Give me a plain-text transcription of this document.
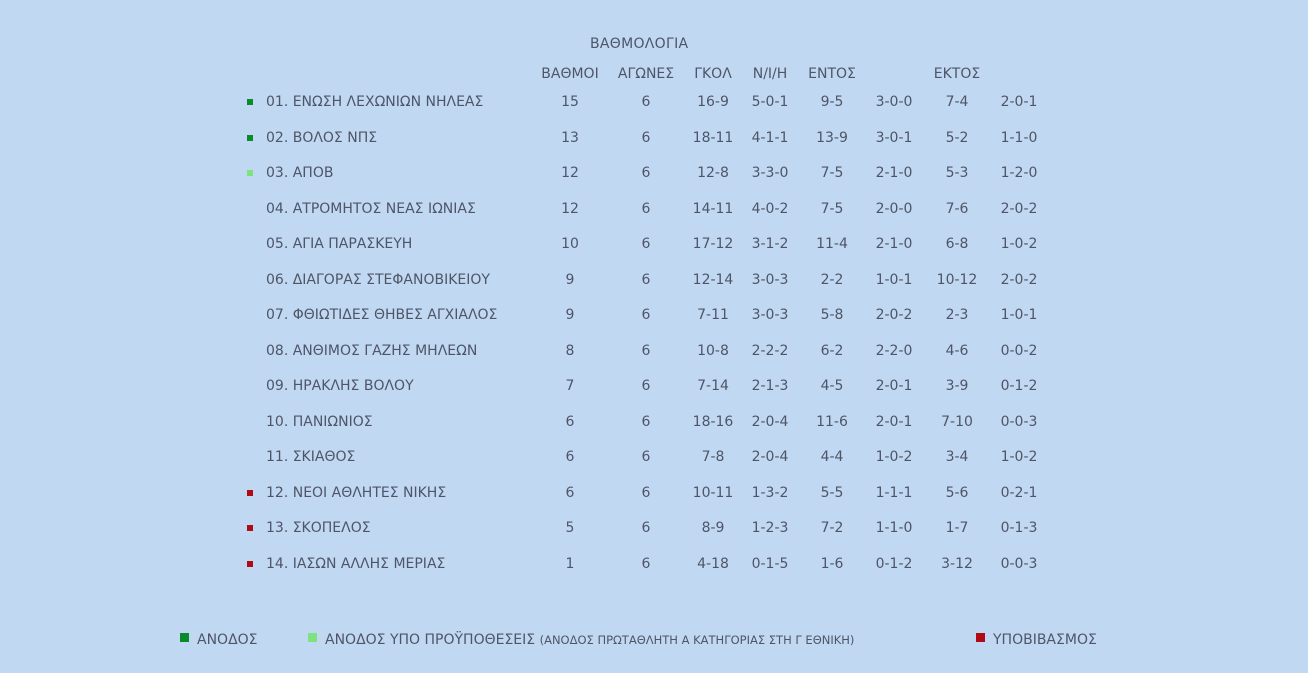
ΒΑΘΜΟΛΟΓΙΑ
ΒΑΘΜΟΙ	ΑΓΩΝΕΣ	ΓΚΟΛ	Ν/Ι/Η	ΕΝΤΟΣ	ΕΚΤΟΣ
01. ΕΝΩΣΗ ΛΕΧΩΝΙΩΝ ΝΗΛΕΑΣ	15	6	16-9	5-0-1	9-5	3-0-0	7-4	2-0-1
02. ΒΟΛΟΣ ΝΠΣ	13	6	18-11	4-1-1	13-9	3-0-1	5-2	1-1-0
03. ΑΠΟΒ	12	6	12-8	3-3-0	7-5	2-1-0	5-3	1-2-0
04. ΑΤΡΟΜΗΤΟΣ ΝΕΑΣ ΙΩΝΙΑΣ	12	6	14-11	4-0-2	7-5	2-0-0	7-6	2-0-2
05. ΑΓΙΑ ΠΑΡΑΣΚΕΥΗ	10	6	17-12	3-1-2	11-4	2-1-0	6-8	1-0-2
06. ΔΙΑΓΟΡΑΣ ΣΤΕΦΑΝΟΒΙΚΕΙΟΥ	9	6	12-14	3-0-3	2-2	1-0-1	10-12	2-0-2
07. ΦΘΙΩΤΙΔΕΣ ΘΗΒΕΣ ΑΓΧΙΑΛΟΣ	9	6	7-11	3-0-3	5-8	2-0-2	2-3	1-0-1
08. ΑΝΘΙΜΟΣ ΓΑΖΗΣ ΜΗΛΕΩΝ	8	6	10-8	2-2-2	6-2	2-2-0	4-6	0-0-2
09. ΗΡΑΚΛΗΣ ΒΟΛΟΥ	7	6	7-14	2-1-3	4-5	2-0-1	3-9	0-1-2
10. ΠΑΝΙΩΝΙΟΣ	6	6	18-16	2-0-4	11-6	2-0-1	7-10	0-0-3
11. ΣΚΙΑΘΟΣ	6	6	7-8	2-0-4	4-4	1-0-2	3-4	1-0-2
12. ΝΕΟΙ ΑΘΛΗΤΕΣ ΝΙΚΗΣ	6	6	10-11	1-3-2	5-5	1-1-1	5-6	0-2-1
13. ΣΚΟΠΕΛΟΣ	5	6	8-9	1-2-3	7-2	1-1-0	1-7	0-1-3
14. ΙΑΣΩΝ ΑΛΛΗΣ ΜΕΡΙΑΣ	1	6	4-18	0-1-5	1-6	0-1-2	3-12	0-0-3
ΑΝΟΔΟΣ	ΑΝΟΔΟΣ ΥΠΟ ΠΡΟΫΠΟΘΕΣΕΙΣ (ΑΝΟΔΟΣ ΠΡΩΤΑΘΛΗΤΗ Α ΚΑΤΗΓΟΡΙΑΣ ΣΤΗ Γ ΕΘΝΙΚΗ)	ΥΠΟΒΙΒΑΣΜΟΣ
